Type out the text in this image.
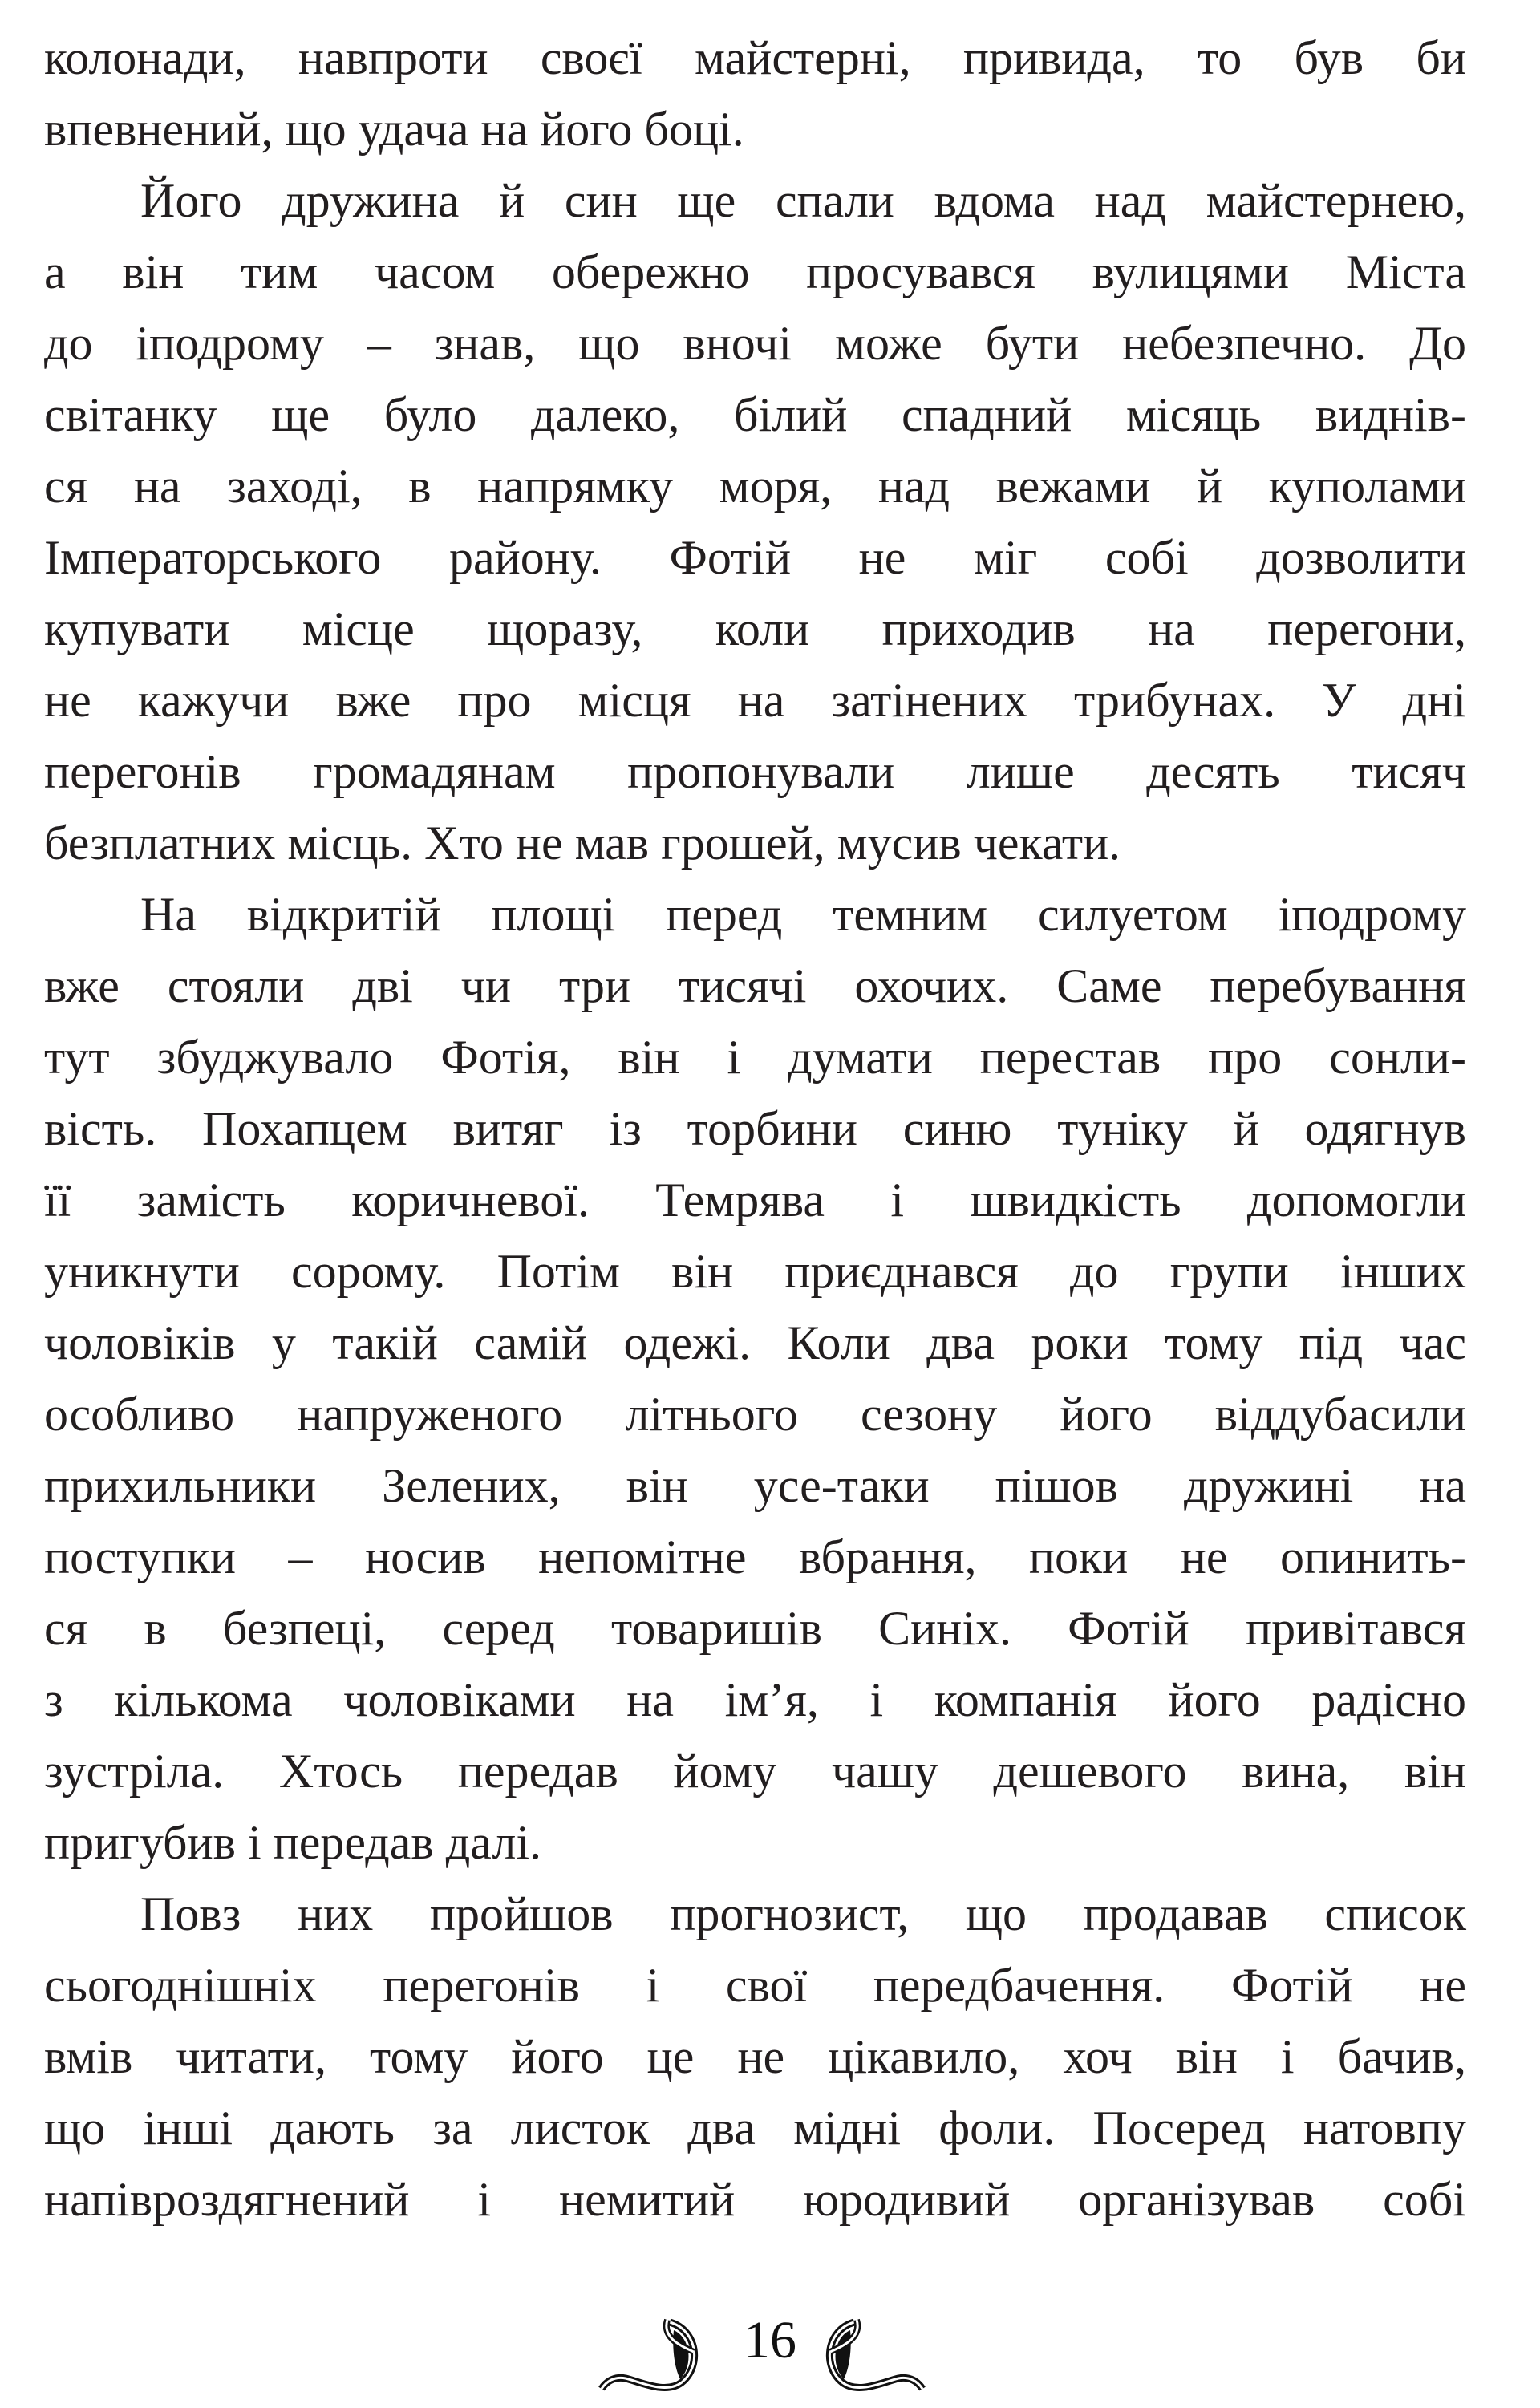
колонади, навпроти своєї майстерні, привида, то був би
впевнений, що удача на його боці.
Його дружина й син ще спали вдома над майстернею,
а він тим часом обережно просувався вулицями Міста
до іподрому – знав, що вночі може бути небезпечно. До
світанку ще було далеко, білий спадний місяць виднів-
ся на заході, в напрямку моря, над вежами й куполами
Імператорського району. Фотій не міг собі дозволити
купувати місце щоразу, коли приходив на перегони,
не кажучи вже про місця на затінених трибунах. У дні
перегонів громадянам пропонували лише десять тисяч
безплатних місць. Хто не мав грошей, мусив чекати.
На відкритій площі перед темним силуетом іподрому
вже стояли дві чи три тисячі охочих. Саме перебування
тут збуджувало Фотія, він і думати перестав про сонли-
вість. Похапцем витяг із торбини синю туніку й одягнув
її замість коричневої. Темрява і швидкість допомогли
уникнути сорому. Потім він приєднався до групи інших
чоловіків у такій самій одежі. Коли два роки тому під час
особливо напруженого літнього сезону його віддубасили
прихильники Зелених, він усе-таки пішов дружині на
поступки – носив непомітне вбрання, поки не опинить-
ся в безпеці, серед товаришів Синіх. Фотій привітався
з кількома чоловіками на ім’я, і компанія його радісно
зустріла. Хтось передав йому чашу дешевого вина, він
пригубив і передав далі.
Повз них пройшов прогнозист, що продавав список
сьогоднішніх перегонів і свої передбачення. Фотій не
вмів читати, тому його це не цікавило, хоч він і бачив,
що інші дають за листок два мідні фоли. Посеред натовпу
напівроздягнений і немитий юродивий організував собі
16
